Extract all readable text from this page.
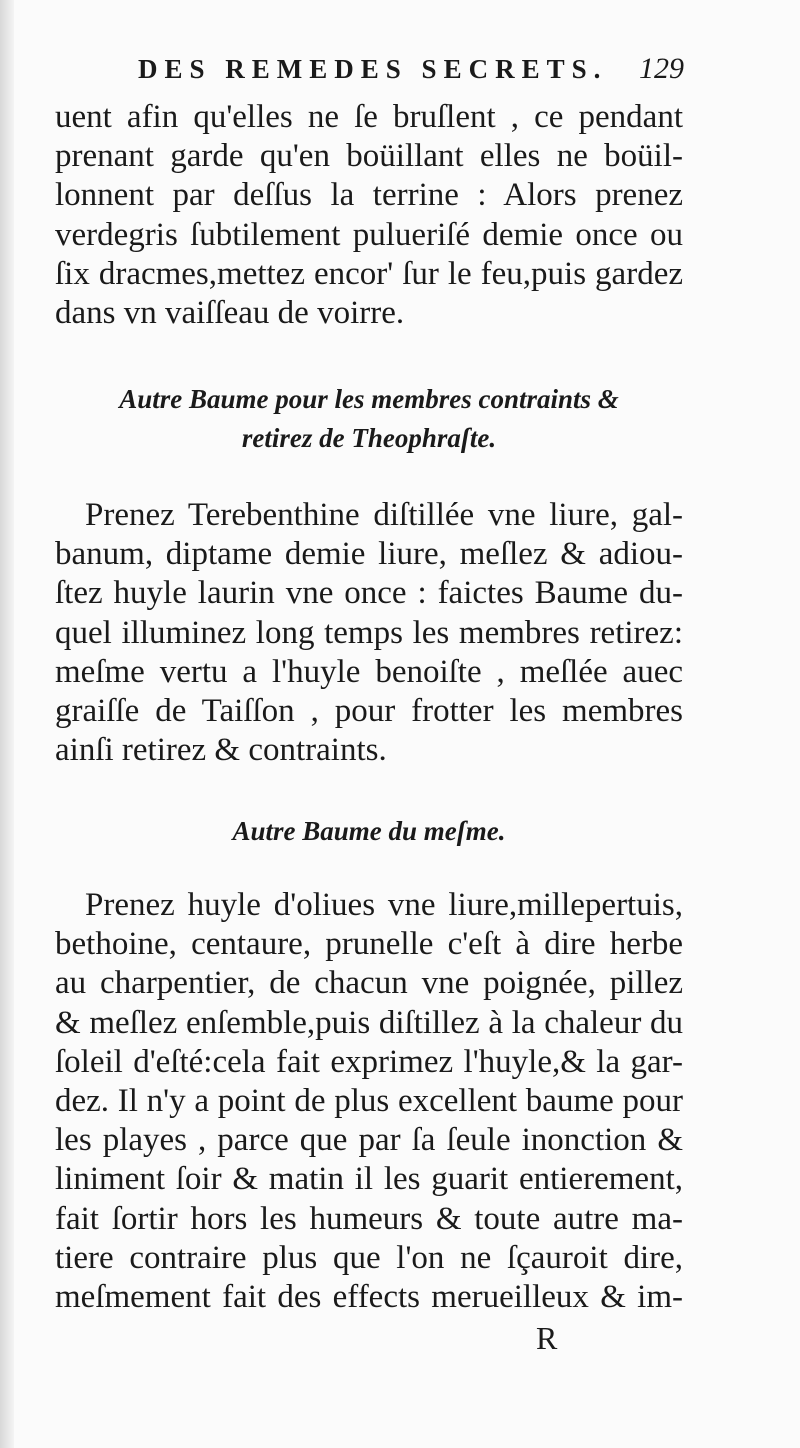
DES REMEDES SECRETS. 129
uent afin qu'elles ne ſe bruſlent , ce pendant
prenant garde qu'en boüillant elles ne boüil-
lonnent par deſſus la terrine : Alors prenez
verdegris ſubtilement pulueriſé demie once ou
ſix dracmes,mettez encor' ſur le feu,puis gardez
dans vn vaiſſeau de voirre.
Autre Baume pour les membres contraints &
retirez de Theophraſte.
Prenez Terebenthine diſtillée vne liure, gal-
banum, diptame demie liure, meſlez & adiou-
ſtez huyle laurin vne once : faictes Baume du-
quel illuminez long temps les membres retirez:
meſme vertu a l'huyle benoiſte , meſlée auec
graiſſe de Taiſſon , pour frotter les membres
ainſi retirez & contraints.
Autre Baume du meſme.
Prenez huyle d'oliues vne liure,millepertuis,
bethoine, centaure, prunelle c'eſt à dire herbe
au charpentier, de chacun vne poignée, pillez
& meſlez enſemble,puis diſtillez à la chaleur du
ſoleil d'eſté:cela fait exprimez l'huyle,& la gar-
dez. Il n'y a point de plus excellent baume pour
les playes , parce que par ſa ſeule inonction &
liniment ſoir & matin il les guarit entierement,
fait ſortir hors les humeurs & toute autre ma-
tiere contraire plus que l'on ne ſçauroit dire,
meſmement fait des effects merueilleux & im-
R
